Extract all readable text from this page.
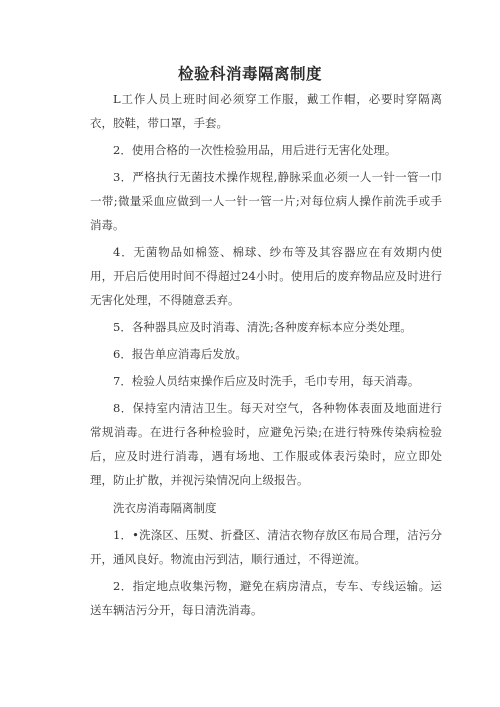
检验科消毒隔离制度

L工作人员上班时间必须穿工作服，戴工作帽，必要时穿隔离衣，胶鞋，带口罩，手套。

2．使用合格的一次性检验用品，用后进行无害化处理。

3．严格执行无菌技术操作规程,静脉采血必须一人一针一管一巾一带;微量采血应做到一人一针一管一片;对每位病人操作前洗手或手消毒。

4．无菌物品如棉签、棉球、纱布等及其容器应在有效期内使用，开启后使用时间不得超过24小时。使用后的废弃物品应及时进行无害化处理，不得随意丢弃。

5．各种器具应及时消毒、清洗;各种废弃标本应分类处理。

6．报告单应消毒后发放。

7．检验人员结束操作后应及时洗手，毛巾专用，每天消毒。

8．保持室内清洁卫生。每天对空气，各种物体表面及地面进行常规消毒。在进行各种检验时，应避免污染;在进行特殊传染病检验后，应及时进行消毒，遇有场地、工作服或体表污染时，应立即处理，防止扩散，并视污染情况向上级报告。

洗衣房消毒隔离制度

1．•洗涤区、压熨、折叠区、清洁衣物存放区布局合理，洁污分开，通风良好。物流由污到洁，顺行通过，不得逆流。

2．指定地点收集污物，避免在病房清点，专车、专线运输。运送车辆洁污分开，每日清洗消毒。
